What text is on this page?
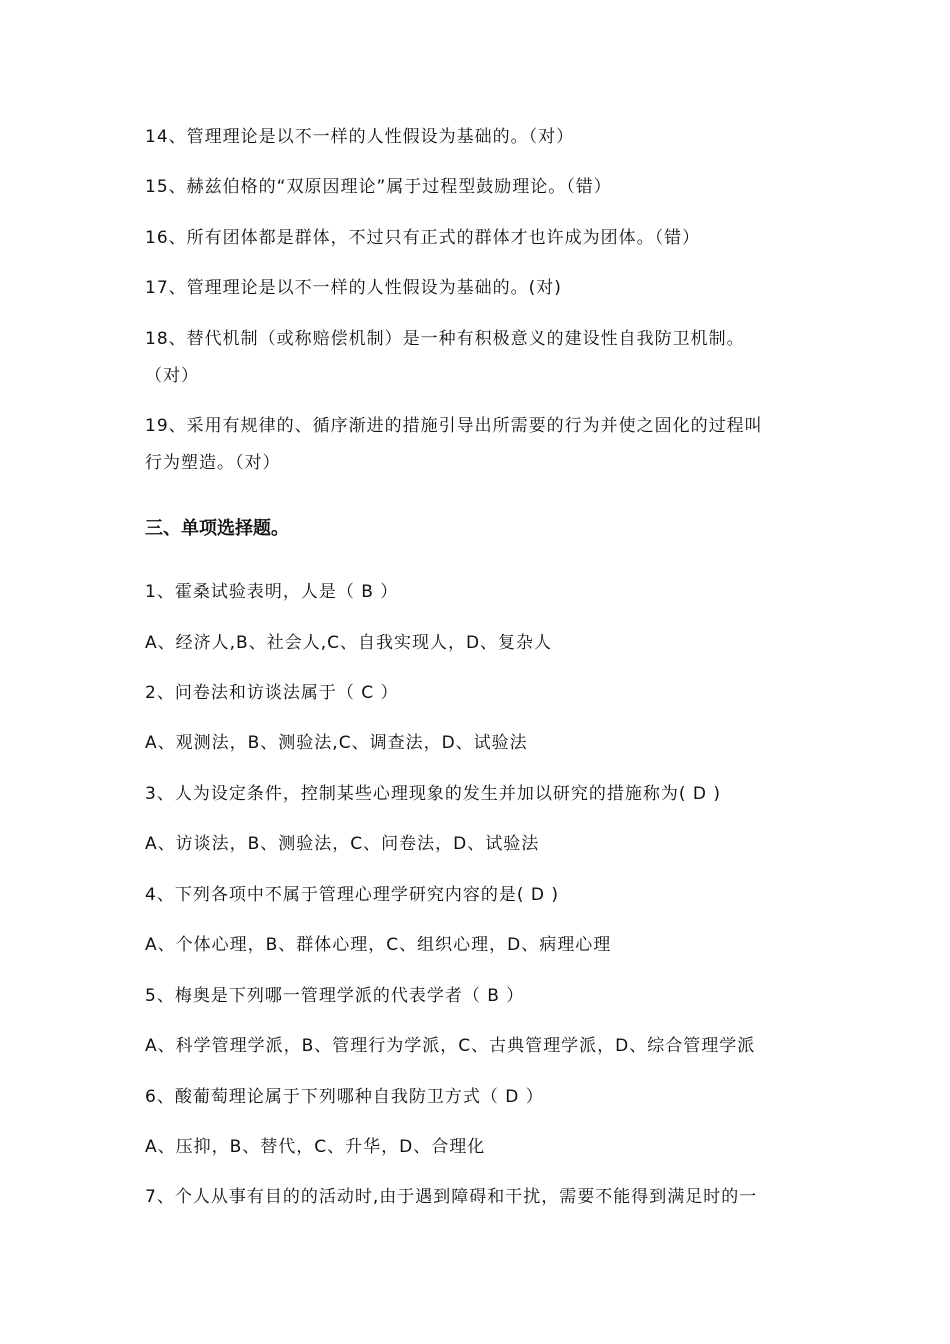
14、管理理论是以不一样的人性假设为基础的。（对）
15、赫兹伯格的“双原因理论”属于过程型鼓励理论。（错）
16、所有团体都是群体，不过只有正式的群体才也许成为团体。（错）
17、管理理论是以不一样的人性假设为基础的。(对)
18、替代机制（或称赔偿机制）是一种有积极意义的建设性自我防卫机制。
（对）
19、采用有规律的、循序渐进的措施引导出所需要的行为并使之固化的过程叫
行为塑造。（对）
三、单项选择题。
1、霍桑试验表明，人是（ B ）
A、经济人,B、社会人,C、自我实现人，D、复杂人
2、问卷法和访谈法属于（ C ）
A、观测法，B、测验法,C、调查法，D、试验法
3、人为设定条件，控制某些心理现象的发生并加以研究的措施称为( D )
A、访谈法，B、测验法，C、问卷法，D、试验法
4、下列各项中不属于管理心理学研究内容的是( D )
A、个体心理，B、群体心理，C、组织心理，D、病理心理
5、梅奥是下列哪一管理学派的代表学者（ B ）
A、科学管理学派，B、管理行为学派，C、古典管理学派，D、综合管理学派
6、酸葡萄理论属于下列哪种自我防卫方式（ D ）
A、压抑，B、替代，C、升华，D、合理化
7、个人从事有目的的活动时,由于遇到障碍和干扰，需要不能得到满足时的一
